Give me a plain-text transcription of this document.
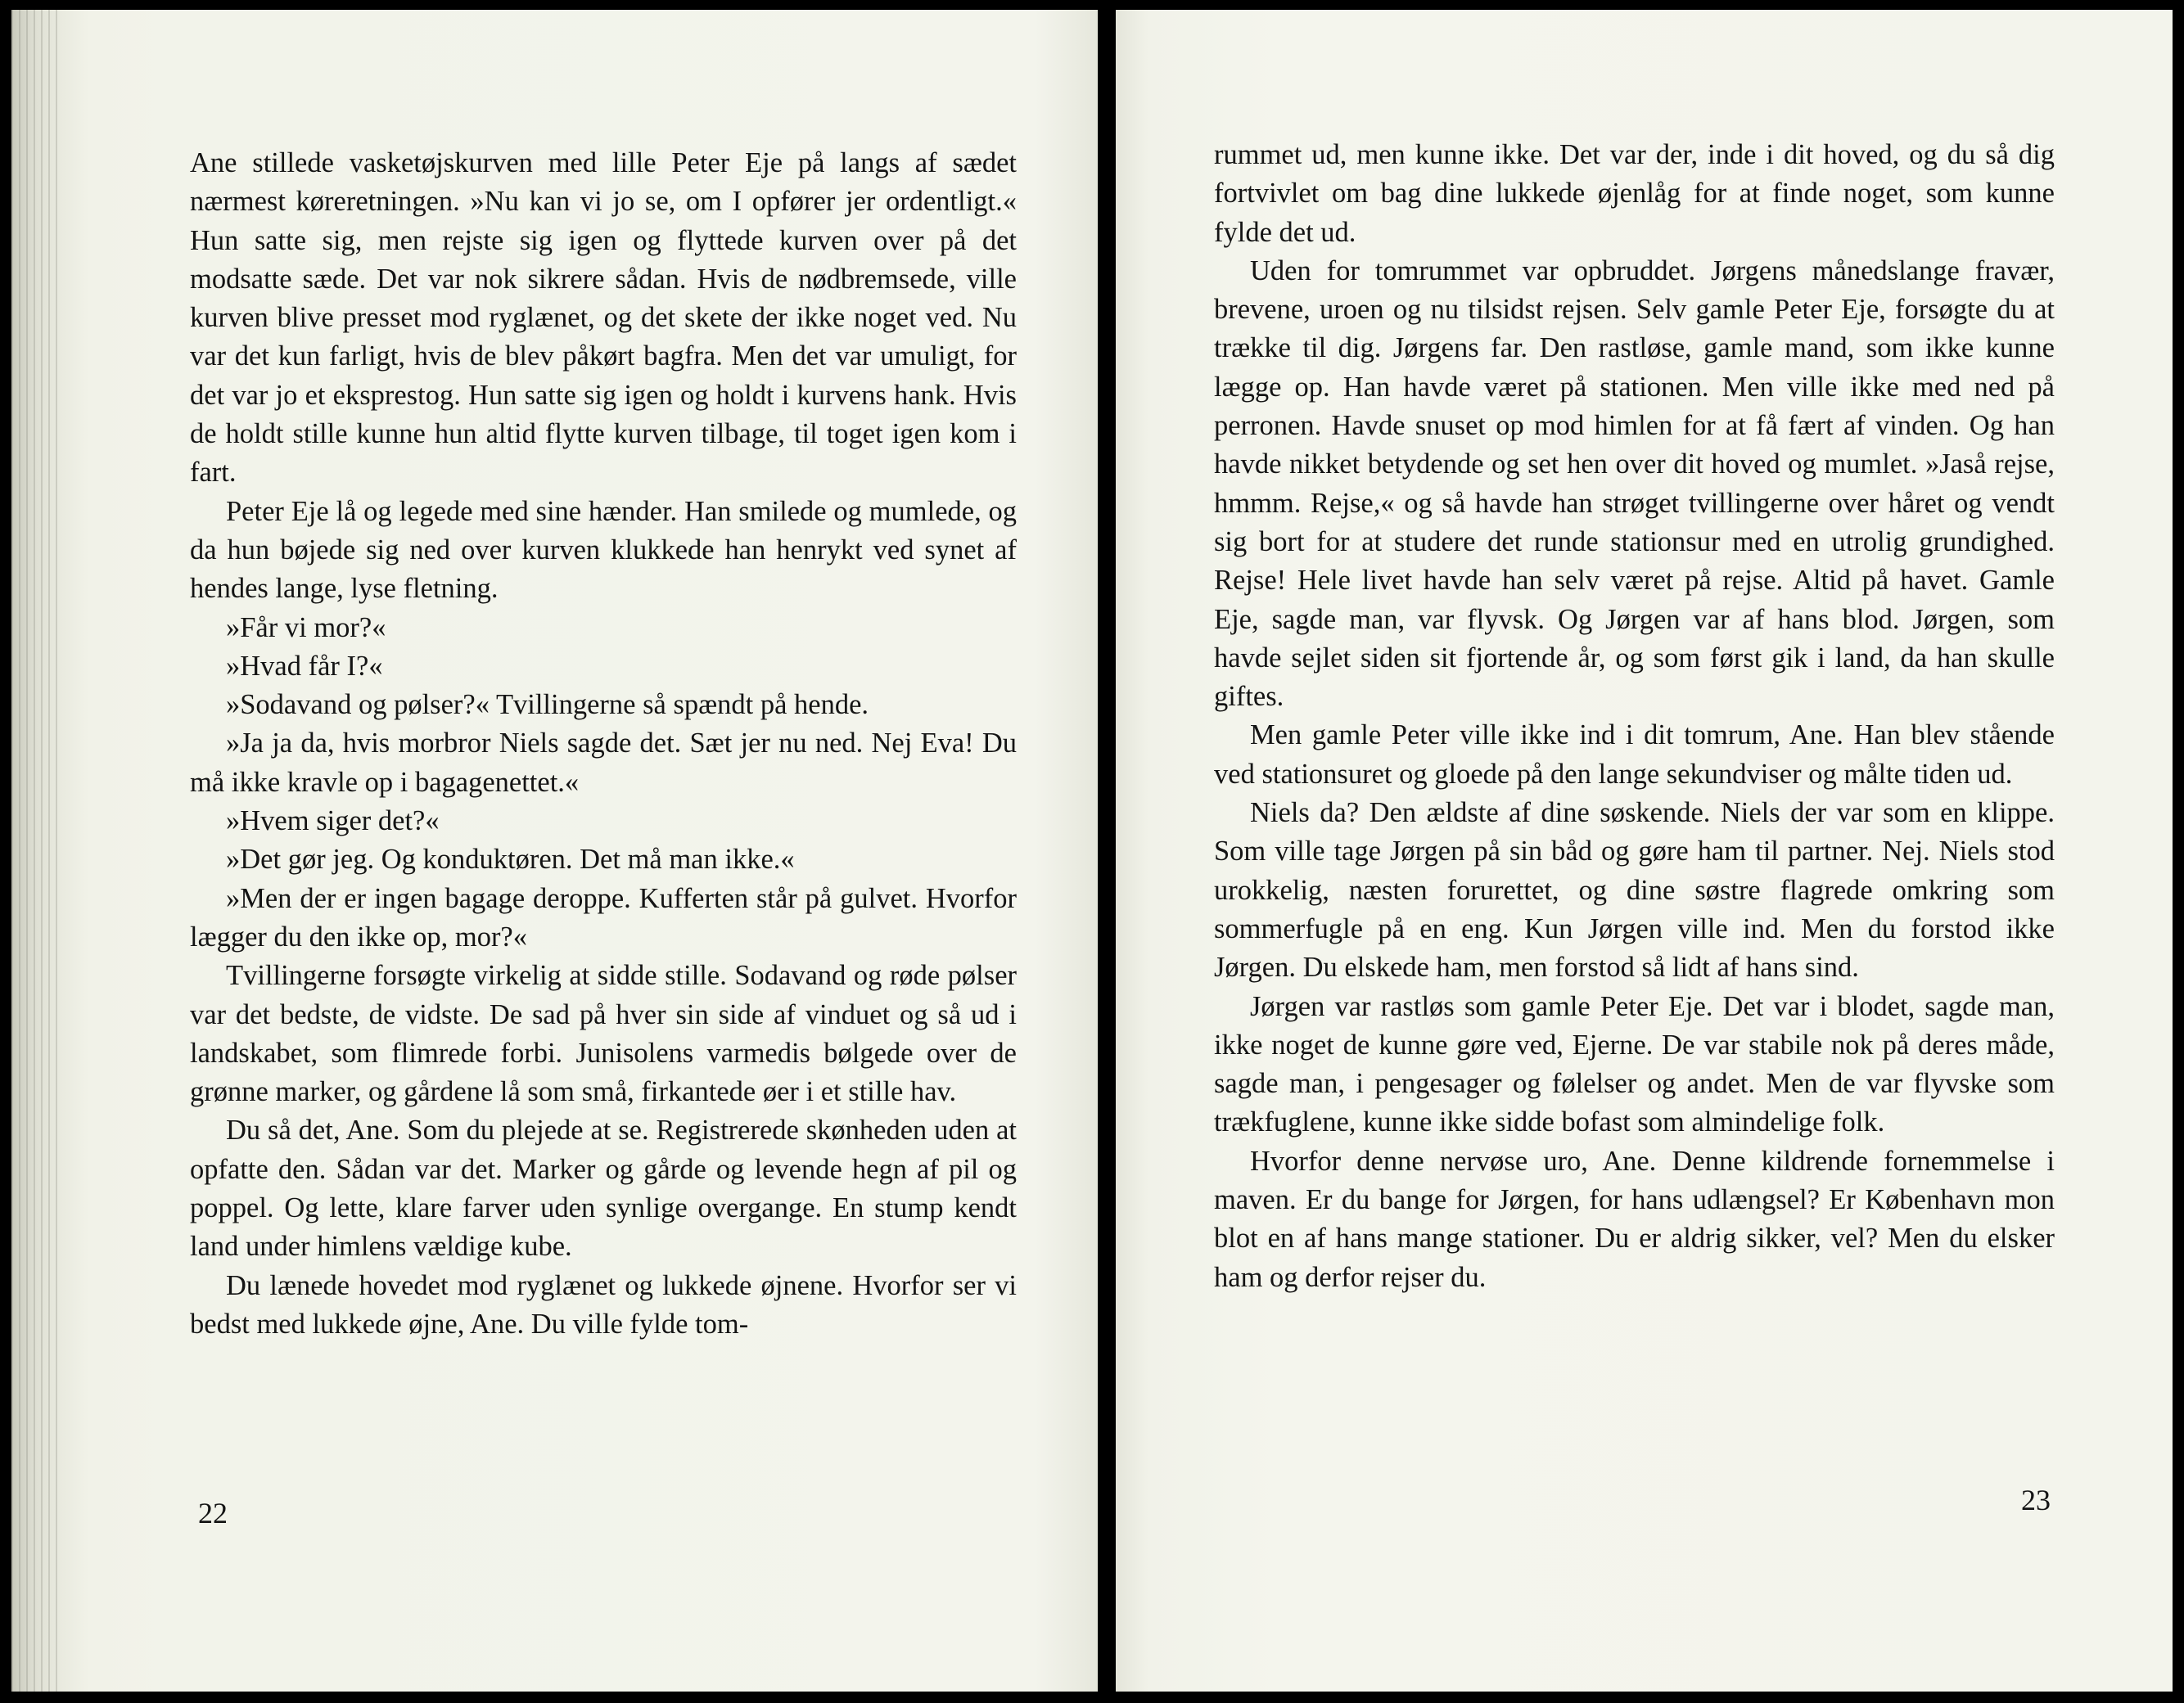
Ane stillede vasketøjskurven med lille Peter Eje på langs af sædet nærmest køreretningen. »Nu kan vi jo se, om I opfører jer ordentligt.« Hun satte sig, men rejste sig igen og flyttede kurven over på det modsatte sæde. Det var nok sikrere sådan. Hvis de nødbremsede, ville kurven blive presset mod ryglænet, og det skete der ikke noget ved. Nu var det kun farligt, hvis de blev påkørt bagfra. Men det var umuligt, for det var jo et eksprestog. Hun satte sig igen og holdt i kurvens hank. Hvis de holdt stille kunne hun altid flytte kurven tilbage, til toget igen kom i fart.

Peter Eje lå og legede med sine hænder. Han smilede og mumlede, og da hun bøjede sig ned over kurven klukkede han henrykt ved synet af hendes lange, lyse fletning.

»Får vi mor?«

»Hvad får I?«

»Sodavand og pølser?« Tvillingerne så spændt på hende.

»Ja ja da, hvis morbror Niels sagde det. Sæt jer nu ned. Nej Eva! Du må ikke kravle op i bagagenettet.«

»Hvem siger det?«

»Det gør jeg. Og konduktøren. Det må man ikke.«

»Men der er ingen bagage deroppe. Kufferten står på gulvet. Hvorfor lægger du den ikke op, mor?«

Tvillingerne forsøgte virkelig at sidde stille. Sodavand og røde pølser var det bedste, de vidste. De sad på hver sin side af vinduet og så ud i landskabet, som flimrede forbi. Junisolens varmedis bølgede over de grønne marker, og gårdene lå som små, firkantede øer i et stille hav.

Du så det, Ane. Som du plejede at se. Registrerede skønheden uden at opfatte den. Sådan var det. Marker og gårde og levende hegn af pil og poppel. Og lette, klare farver uden synlige overgange. En stump kendt land under himlens vældige kube.

Du lænede hovedet mod ryglænet og lukkede øjnene. Hvorfor ser vi bedst med lukkede øjne, Ane. Du ville fylde tom-

22

rummet ud, men kunne ikke. Det var der, inde i dit hoved, og du så dig fortvivlet om bag dine lukkede øjenlåg for at finde noget, som kunne fylde det ud.

Uden for tomrummet var opbruddet. Jørgens månedslange fravær, brevene, uroen og nu tilsidst rejsen. Selv gamle Peter Eje, forsøgte du at trække til dig. Jørgens far. Den rastløse, gamle mand, som ikke kunne lægge op. Han havde været på stationen. Men ville ikke med ned på perronen. Havde snuset op mod himlen for at få fært af vinden. Og han havde nikket betydende og set hen over dit hoved og mumlet. »Jaså rejse, hmmm. Rejse,« og så havde han strøget tvillingerne over håret og vendt sig bort for at studere det runde stationsur med en utrolig grundighed. Rejse! Hele livet havde han selv været på rejse. Altid på havet. Gamle Eje, sagde man, var flyvsk. Og Jørgen var af hans blod. Jørgen, som havde sejlet siden sit fjortende år, og som først gik i land, da han skulle giftes.

Men gamle Peter ville ikke ind i dit tomrum, Ane. Han blev stående ved stationsuret og gloede på den lange sekundviser og målte tiden ud.

Niels da? Den ældste af dine søskende. Niels der var som en klippe. Som ville tage Jørgen på sin båd og gøre ham til partner. Nej. Niels stod urokkelig, næsten forurettet, og dine søstre flagrede omkring som sommerfugle på en eng. Kun Jørgen ville ind. Men du forstod ikke Jørgen. Du elskede ham, men forstod så lidt af hans sind.

Jørgen var rastløs som gamle Peter Eje. Det var i blodet, sagde man, ikke noget de kunne gøre ved, Ejerne. De var stabile nok på deres måde, sagde man, i pengesager og følelser og andet. Men de var flyvske som trækfuglene, kunne ikke sidde bofast som almindelige folk.

Hvorfor denne nervøse uro, Ane. Denne kildrende fornemmelse i maven. Er du bange for Jørgen, for hans udlængsel? Er København mon blot en af hans mange stationer. Du er aldrig sikker, vel? Men du elsker ham og derfor rejser du.

23
